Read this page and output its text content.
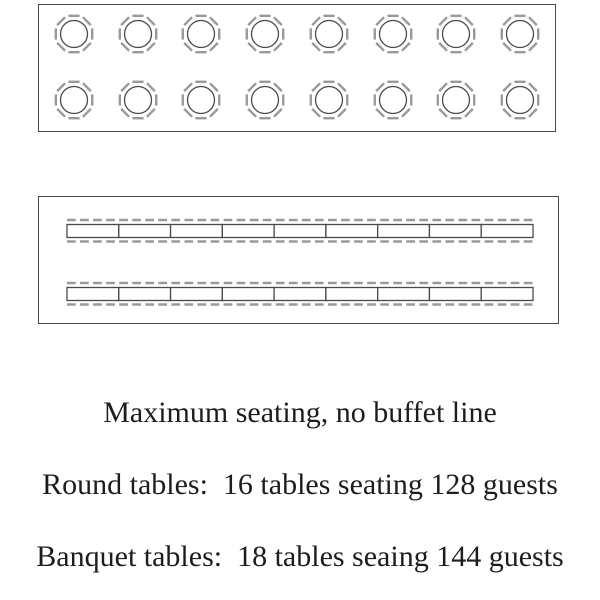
Maximum seating, no buffet line
Round tables:  16 tables seating 128 guests
Banquet tables:  18 tables seaing 144 guests
